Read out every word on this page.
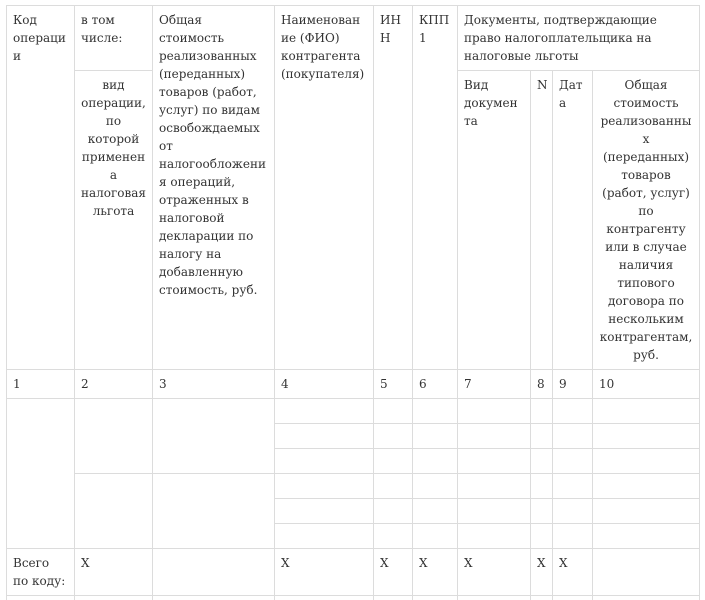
Код операции	в том числе:	Общая стоимость реализованных (переданных) товаров (работ, услуг) по видам освобождаемых от налогообложения операций, отраженных в налоговой декларации по налогу на добавленную стоимость, руб.	Наименование (ФИО) контрагента (покупателя)	ИНН	КПП1	Документы, подтверждающие право налогоплательщика на налоговые льготы			
	вид операции, по которой применена налоговая льгота					Вид документа	N	Дата	Общая стоимость реализованных (переданных) товаров (работ, услуг) по контрагенту или в случае наличия типового договора по нескольким контрагентам, руб.
1	2	3	4	5	6	7	8	9	10

Всего по коду:	X		X	X	X	X	X	X	
